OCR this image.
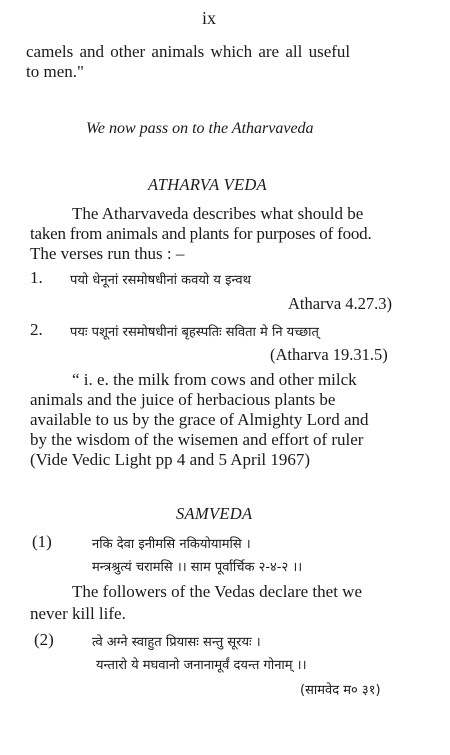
ix

camels and other animals which are all useful

to men."

We now pass on to the Atharvaveda

ATHARVA VEDA

The Atharvaveda describes what should be

taken from animals and plants for purposes of food.

The verses run thus : –

1. पयो धेनूनां रसमोषधीनां कवयो य इन्वथ

Atharva 4.27.3)

2. पयः पशूनां रसमोषधीनां बृहस्पतिः सविता मे नि यच्छात्

(Atharva 19.31.5)

“ i. e. the milk from cows and other milck

animals and the juice of herbacious plants be

available to us by the grace of Almighty Lord and

by the wisdom of the wisemen and effort of ruler

(Vide Vedic Light pp 4 and 5 April 1967)

SAMVEDA

(1)	नकि देवा इनीमसि नकियोयामसि ।

मन्त्रश्रुत्यं चरामसि ।। साम पूर्वार्चिक २-४-२ ।।

The followers of the Vedas declare thet we

never kill life.

(2)	त्वे अग्ने स्वाहुत प्रियासः सन्तु सूरयः ।

यन्तारो ये मघवानो जनानामूर्वं दयन्त गोनाम् ।।

(सामवेद म० ३१)
